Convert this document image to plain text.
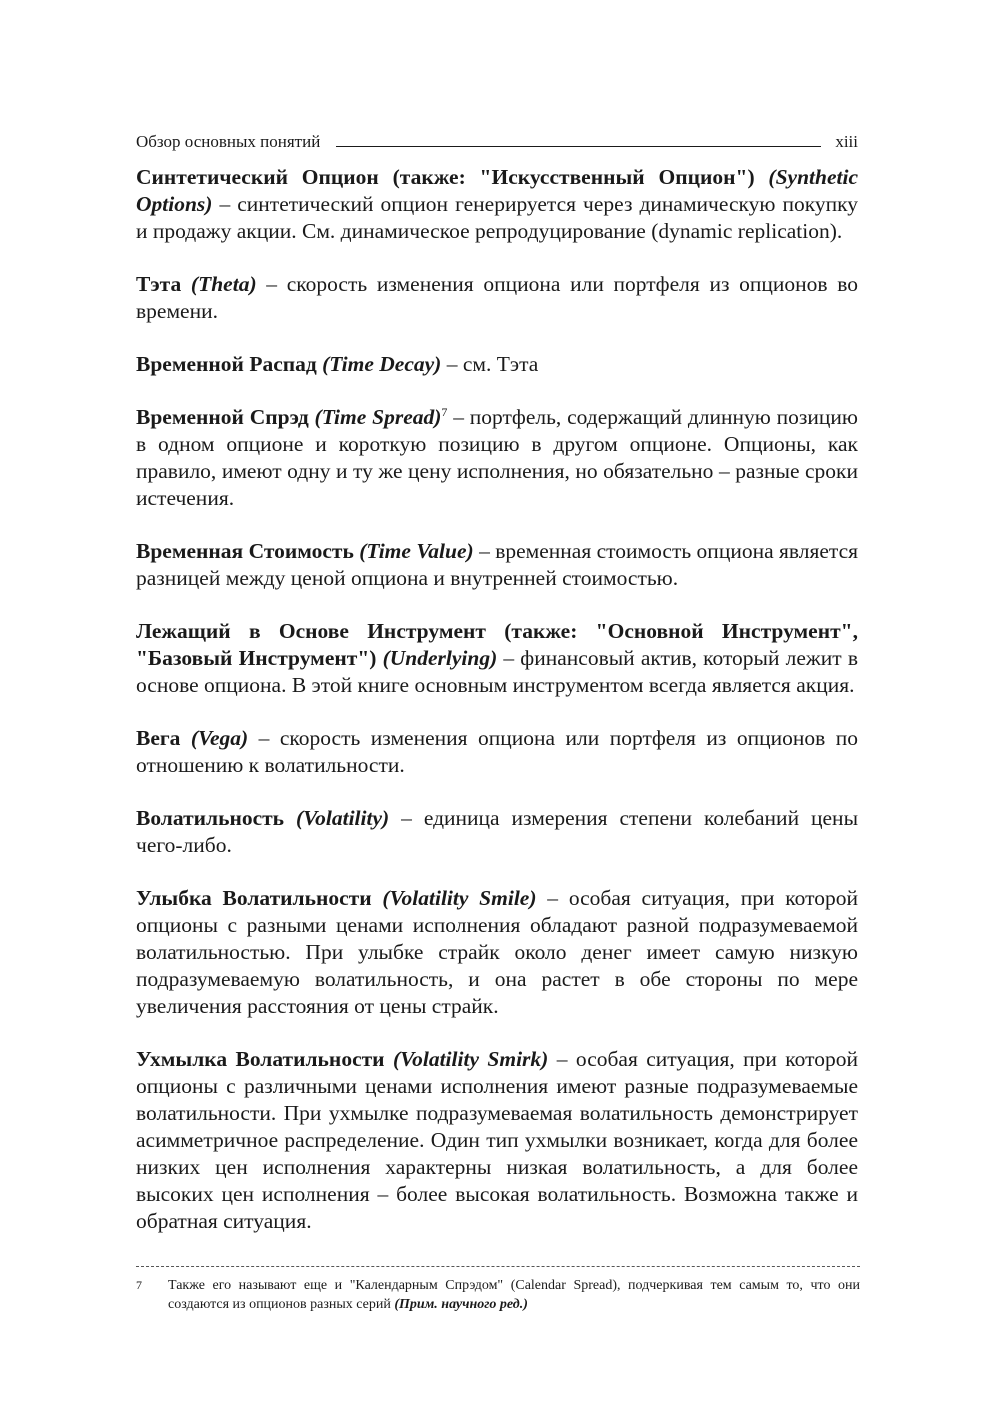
Обзор основных понятий	xiii

Синтетический Опцион (также: "Искусственный Опцион") (Synthetic Options) – синтетический опцион генерируется через динамическую покупку и продажу акции. См. динамическое репродуцирование (dynamic replication).

Тэта (Theta) – скорость изменения опциона или портфеля из опционов во времени.

Временной Распад (Time Decay) – см. Тэта

Временной Спрэд (Time Spread)$^7$ – портфель, содержащий длинную позицию в одном опционе и короткую позицию в другом опционе. Опционы, как правило, имеют одну и ту же цену исполнения, но обязательно – разные сроки истечения.

Временная Стоимость (Time Value) – временная стоимость опциона является разницей между ценой опциона и внутренней стоимостью.

Лежащий в Основе Инструмент (также: "Основной Инструмент", "Базовый Инструмент") (Underlying) – финансовый актив, который лежит в основе опциона. В этой книге основным инструментом всегда является акция.

Вега (Vega) – скорость изменения опциона или портфеля из опционов по отношению к волатильности.

Волатильность (Volatility) – единица измерения степени колебаний цены чего-либо.

Улыбка Волатильности (Volatility Smile) – особая ситуация, при которой опционы с разными ценами исполнения обладают разной подразумеваемой волатильностью. При улыбке страйк около денег имеет самую низкую подразумеваемую волатильность, и она растет в обе стороны по мере увеличения расстояния от цены страйк.

Ухмылка Волатильности (Volatility Smirk) – особая ситуация, при которой опционы с различными ценами исполнения имеют разные подразумеваемые волатильности. При ухмылке подразумеваемая волатильность демонстрирует асимметричное распределение. Один тип ухмылки возникает, когда для более низких цен исполнения характерны низкая волатильность, а для более высоких цен исполнения – более высокая волатильность. Возможна также и обратная ситуация.

7	Также его называют еще и "Календарным Спрэдом" (Calendar Spread), подчеркивая тем самым то, что они создаются из опционов разных серий (Прим. научного ред.)
